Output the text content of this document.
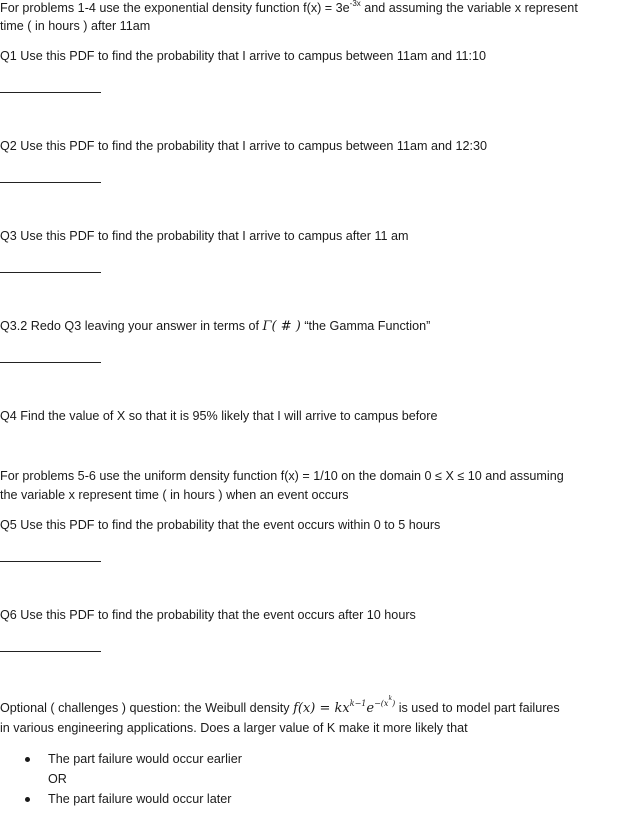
For problems 1-4 use the exponential density function $f(x) = 3e^{-3x}$ and assuming the variable x represent
time ( in hours ) after 11am
Q1 Use this PDF to find the probability that I arrive to campus between 11am and 11:10
Q2 Use this PDF to find the probability that I arrive to campus between 11am and 12:30
Q3 Use this PDF to find the probability that I arrive to campus after 11 am
Q3.2 Redo Q3 leaving your answer in terms of Γ( # ) “the Gamma Function”
Q4 Find the value of X so that it is 95% likely that I will arrive to campus before
For problems 5-6 use the uniform density function f(x) = 1/10 on the domain 0 ≤ X ≤ 10 and assuming
the variable x represent time ( in hours ) when an event occurs
Q5 Use this PDF to find the probability that the event occurs within 0 to 5 hours
Q6 Use this PDF to find the probability that the event occurs after 10 hours
Optional ( challenges ) question: the Weibull density $f(x) = kx^{k-1}e^{-(x^k)}$ is used to model part failures
in various engineering applications. Does a larger value of K make it more likely that
The part failure would occur earlier
OR
The part failure would occur later
